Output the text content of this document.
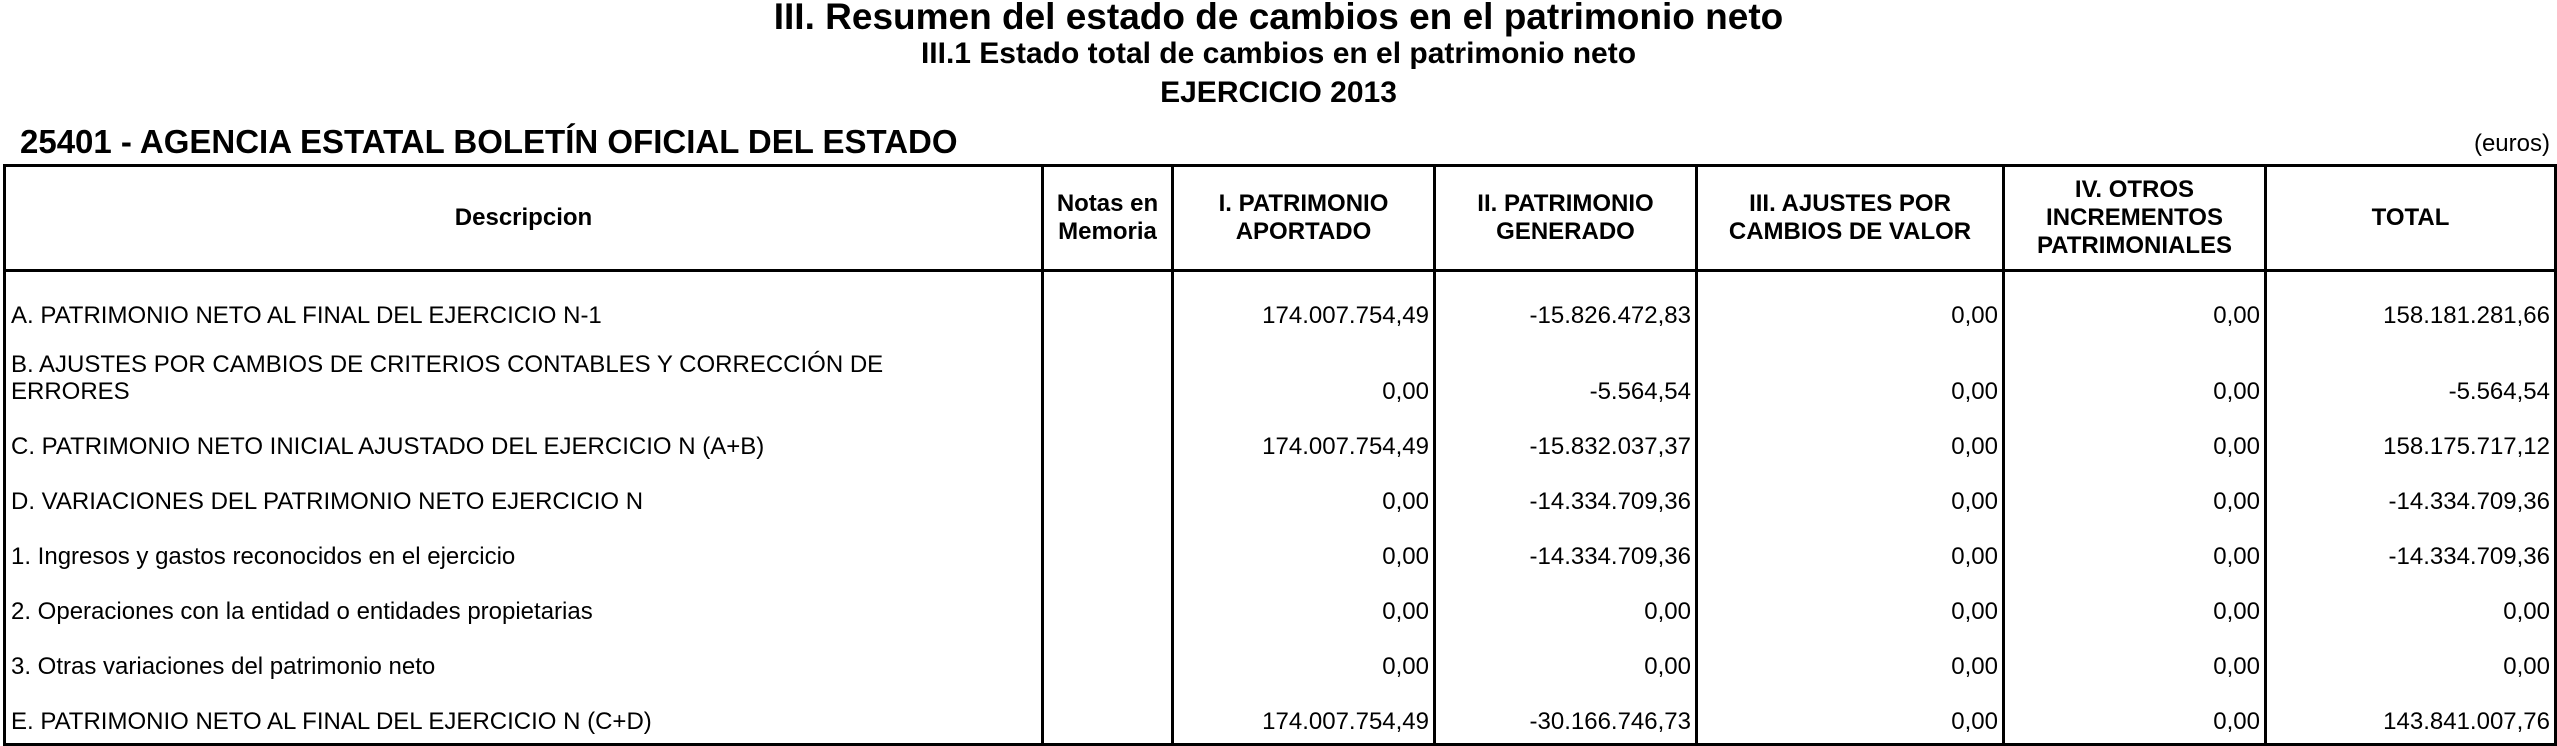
III. Resumen del estado de cambios en el patrimonio neto
III.1 Estado total de cambios en el patrimonio neto
EJERCICIO 2013
25401 - AGENCIA ESTATAL BOLETÍN OFICIAL DEL ESTADO	(euros)
Descripcion	Notas en Memoria	I. PATRIMONIO APORTADO	II. PATRIMONIO GENERADO	III. AJUSTES POR CAMBIOS DE VALOR	IV. OTROS INCREMENTOS PATRIMONIALES	TOTAL
A. PATRIMONIO NETO AL FINAL DEL EJERCICIO N-1		174.007.754,49	-15.826.472,83	0,00	0,00	158.181.281,66
B. AJUSTES POR CAMBIOS DE CRITERIOS CONTABLES Y CORRECCIÓN DE ERRORES		0,00	-5.564,54	0,00	0,00	-5.564,54
C. PATRIMONIO NETO INICIAL AJUSTADO DEL EJERCICIO N (A+B)		174.007.754,49	-15.832.037,37	0,00	0,00	158.175.717,12
D. VARIACIONES DEL PATRIMONIO NETO EJERCICIO N		0,00	-14.334.709,36	0,00	0,00	-14.334.709,36
1. Ingresos y gastos reconocidos en el ejercicio		0,00	-14.334.709,36	0,00	0,00	-14.334.709,36
2. Operaciones con la entidad o entidades propietarias		0,00	0,00	0,00	0,00	0,00
3. Otras variaciones del patrimonio neto		0,00	0,00	0,00	0,00	0,00
E. PATRIMONIO NETO AL FINAL DEL EJERCICIO N (C+D)		174.007.754,49	-30.166.746,73	0,00	0,00	143.841.007,76
